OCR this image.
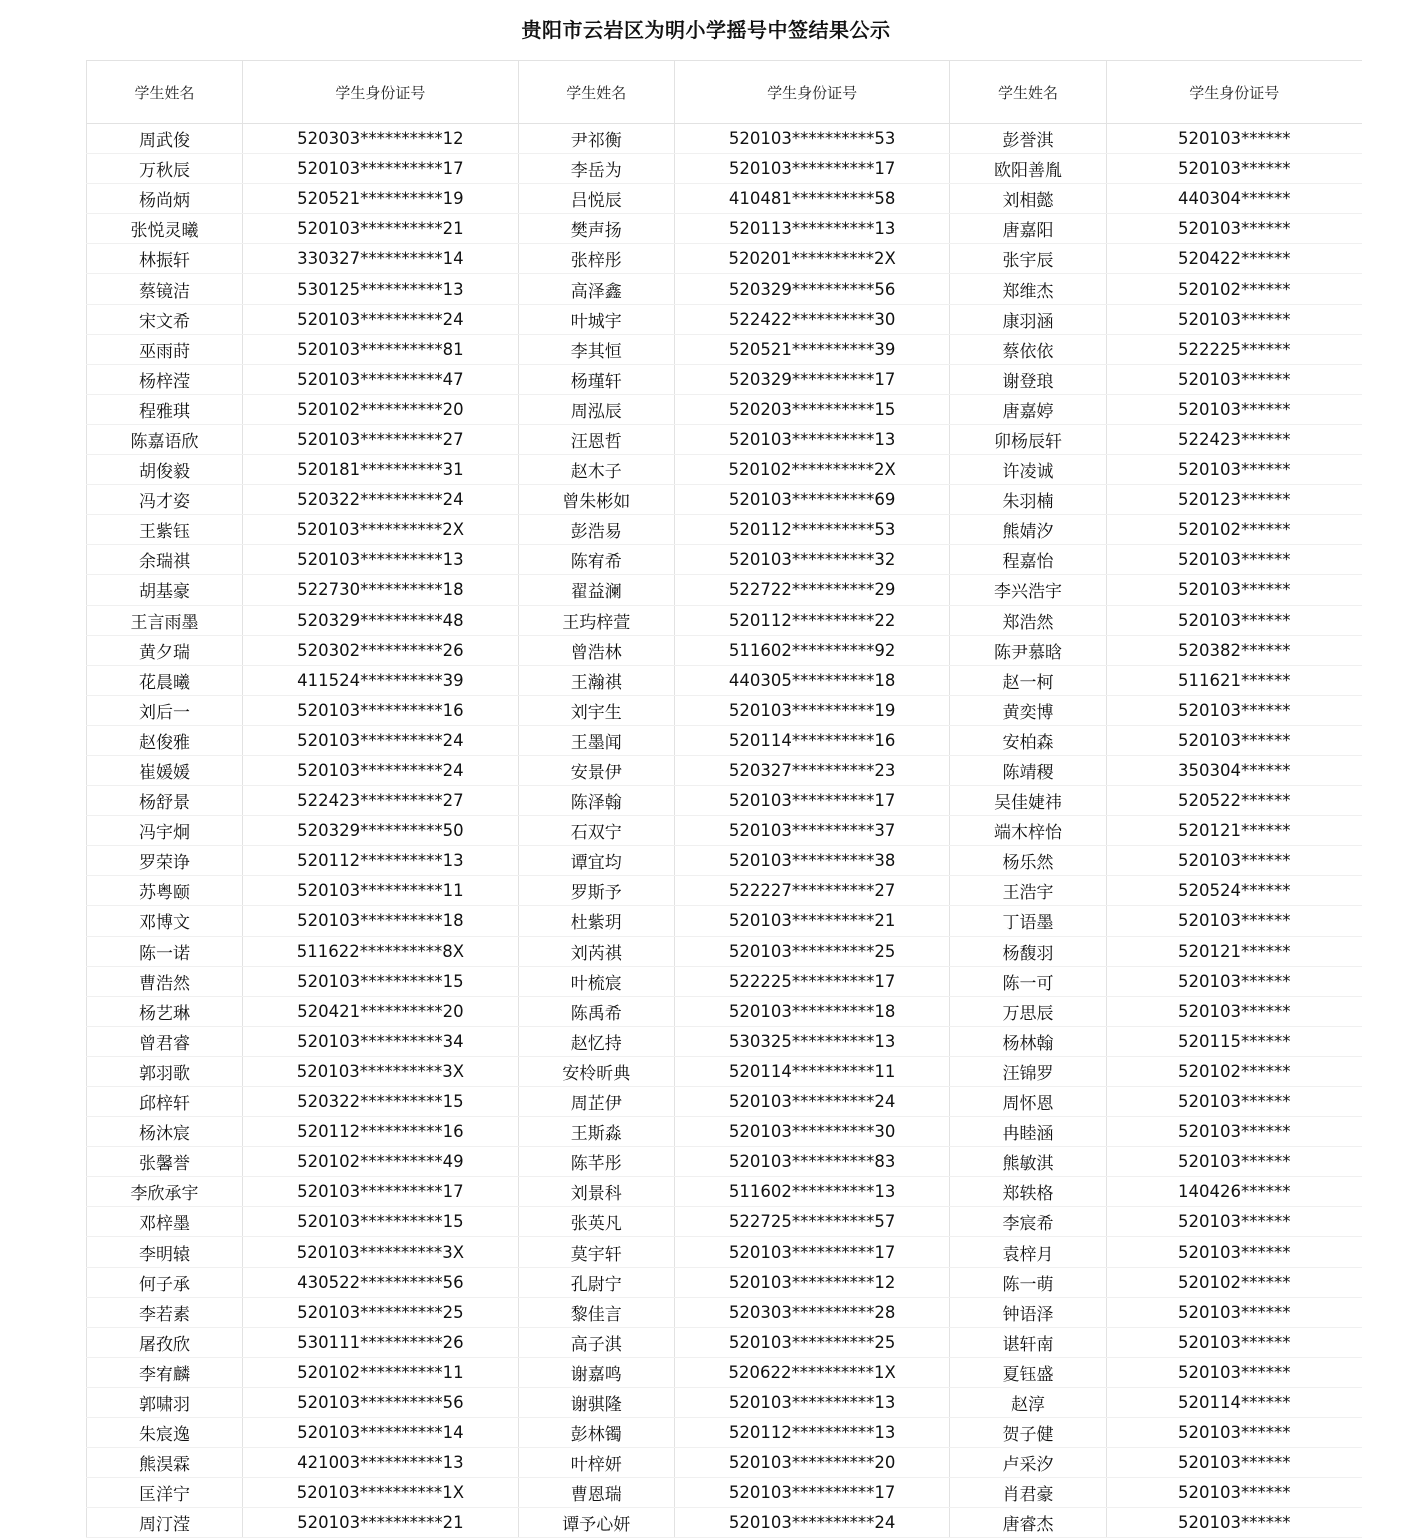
贵阳市云岩区为明小学摇号中签结果公示
学生姓名	学生身份证号	学生姓名	学生身份证号	学生姓名	学生身份证号
周武俊	520303**********12	尹祁衡	520103**********53	彭誉淇	520103******
万秋辰	520103**********17	李岳为	520103**********17	欧阳善胤	520103******
杨尚炳	520521**********19	吕悦辰	410481**********58	刘相懿	440304******
张悦灵曦	520103**********21	樊声扬	520113**********13	唐嘉阳	520103******
林振轩	330327**********14	张梓彤	520201**********2X	张宇辰	520422******
蔡镜洁	530125**********13	高泽鑫	520329**********56	郑维杰	520102******
宋文希	520103**********24	叶城宇	522422**********30	康羽涵	520103******
巫雨莳	520103**********81	李其恒	520521**********39	蔡依依	522225******
杨梓滢	520103**********47	杨瑾轩	520329**********17	谢登琅	520103******
程雅琪	520102**********20	周泓辰	520203**********15	唐嘉婷	520103******
陈嘉语欣	520103**********27	汪恩哲	520103**********13	卯杨辰轩	522423******
胡俊毅	520181**********31	赵木子	520102**********2X	许凌诚	520103******
冯才姿	520322**********24	曾朱彬如	520103**********69	朱羽楠	520123******
王紫钰	520103**********2X	彭浩易	520112**********53	熊婧汐	520102******
余瑞祺	520103**********13	陈宥希	520103**********32	程嘉怡	520103******
胡基豪	522730**********18	翟益澜	522722**********29	李兴浩宇	520103******
王言雨墨	520329**********48	王玙梓萱	520112**********22	郑浩然	520103******
黄夕瑞	520302**********26	曾浩林	511602**********92	陈尹慕晗	520382******
花晨曦	411524**********39	王瀚祺	440305**********18	赵一柯	511621******
刘后一	520103**********16	刘宇生	520103**********19	黄奕博	520103******
赵俊雅	520103**********24	王墨闻	520114**********16	安柏森	520103******
崔媛媛	520103**********24	安景伊	520327**********23	陈靖稷	350304******
杨舒景	522423**********27	陈泽翰	520103**********17	吴佳婕祎	520522******
冯宇炯	520329**********50	石双宁	520103**********37	端木梓怡	520121******
罗荣诤	520112**********13	谭宜均	520103**********38	杨乐然	520103******
苏粤颐	520103**********11	罗斯予	522227**********27	王浩宇	520524******
邓博文	520103**********18	杜紫玥	520103**********21	丁语墨	520103******
陈一诺	511622**********8X	刘芮祺	520103**********25	杨馥羽	520121******
曹浩然	520103**********15	叶梳宸	522225**********17	陈一可	520103******
杨艺琳	520421**********20	陈禹希	520103**********18	万思辰	520103******
曾君睿	520103**********34	赵忆持	530325**********13	杨林翰	520115******
郭羽歌	520103**********3X	安柃昕典	520114**********11	汪锦罗	520102******
邱梓轩	520322**********15	周芷伊	520103**********24	周怀恩	520103******
杨沐宸	520112**********16	王斯淼	520103**********30	冉睦涵	520103******
张馨誉	520102**********49	陈芊彤	520103**********83	熊敏淇	520103******
李欣承宇	520103**********17	刘景科	511602**********13	郑轶格	140426******
邓梓墨	520103**********15	张英凡	522725**********57	李宸希	520103******
李明辕	520103**********3X	莫宇轩	520103**********17	袁梓月	520103******
何子承	430522**********56	孔尉宁	520103**********12	陈一萌	520102******
李若素	520103**********25	黎佳言	520303**********28	钟语泽	520103******
屠孜欣	530111**********26	高子淇	520103**********25	谌轩南	520103******
李宥麟	520102**********11	谢嘉鸣	520622**********1X	夏钰盛	520103******
郭啸羽	520103**********56	谢骐隆	520103**********13	赵淳	520114******
朱宸逸	520103**********14	彭林镯	520112**********13	贺子健	520103******
熊淏霖	421003**********13	叶梓妍	520103**********20	卢采汐	520103******
匡洋宁	520103**********1X	曹恩瑞	520103**********17	肖君豪	520103******
周汀滢	520103**********21	谭予心妍	520103**********24	唐睿杰	520103******
